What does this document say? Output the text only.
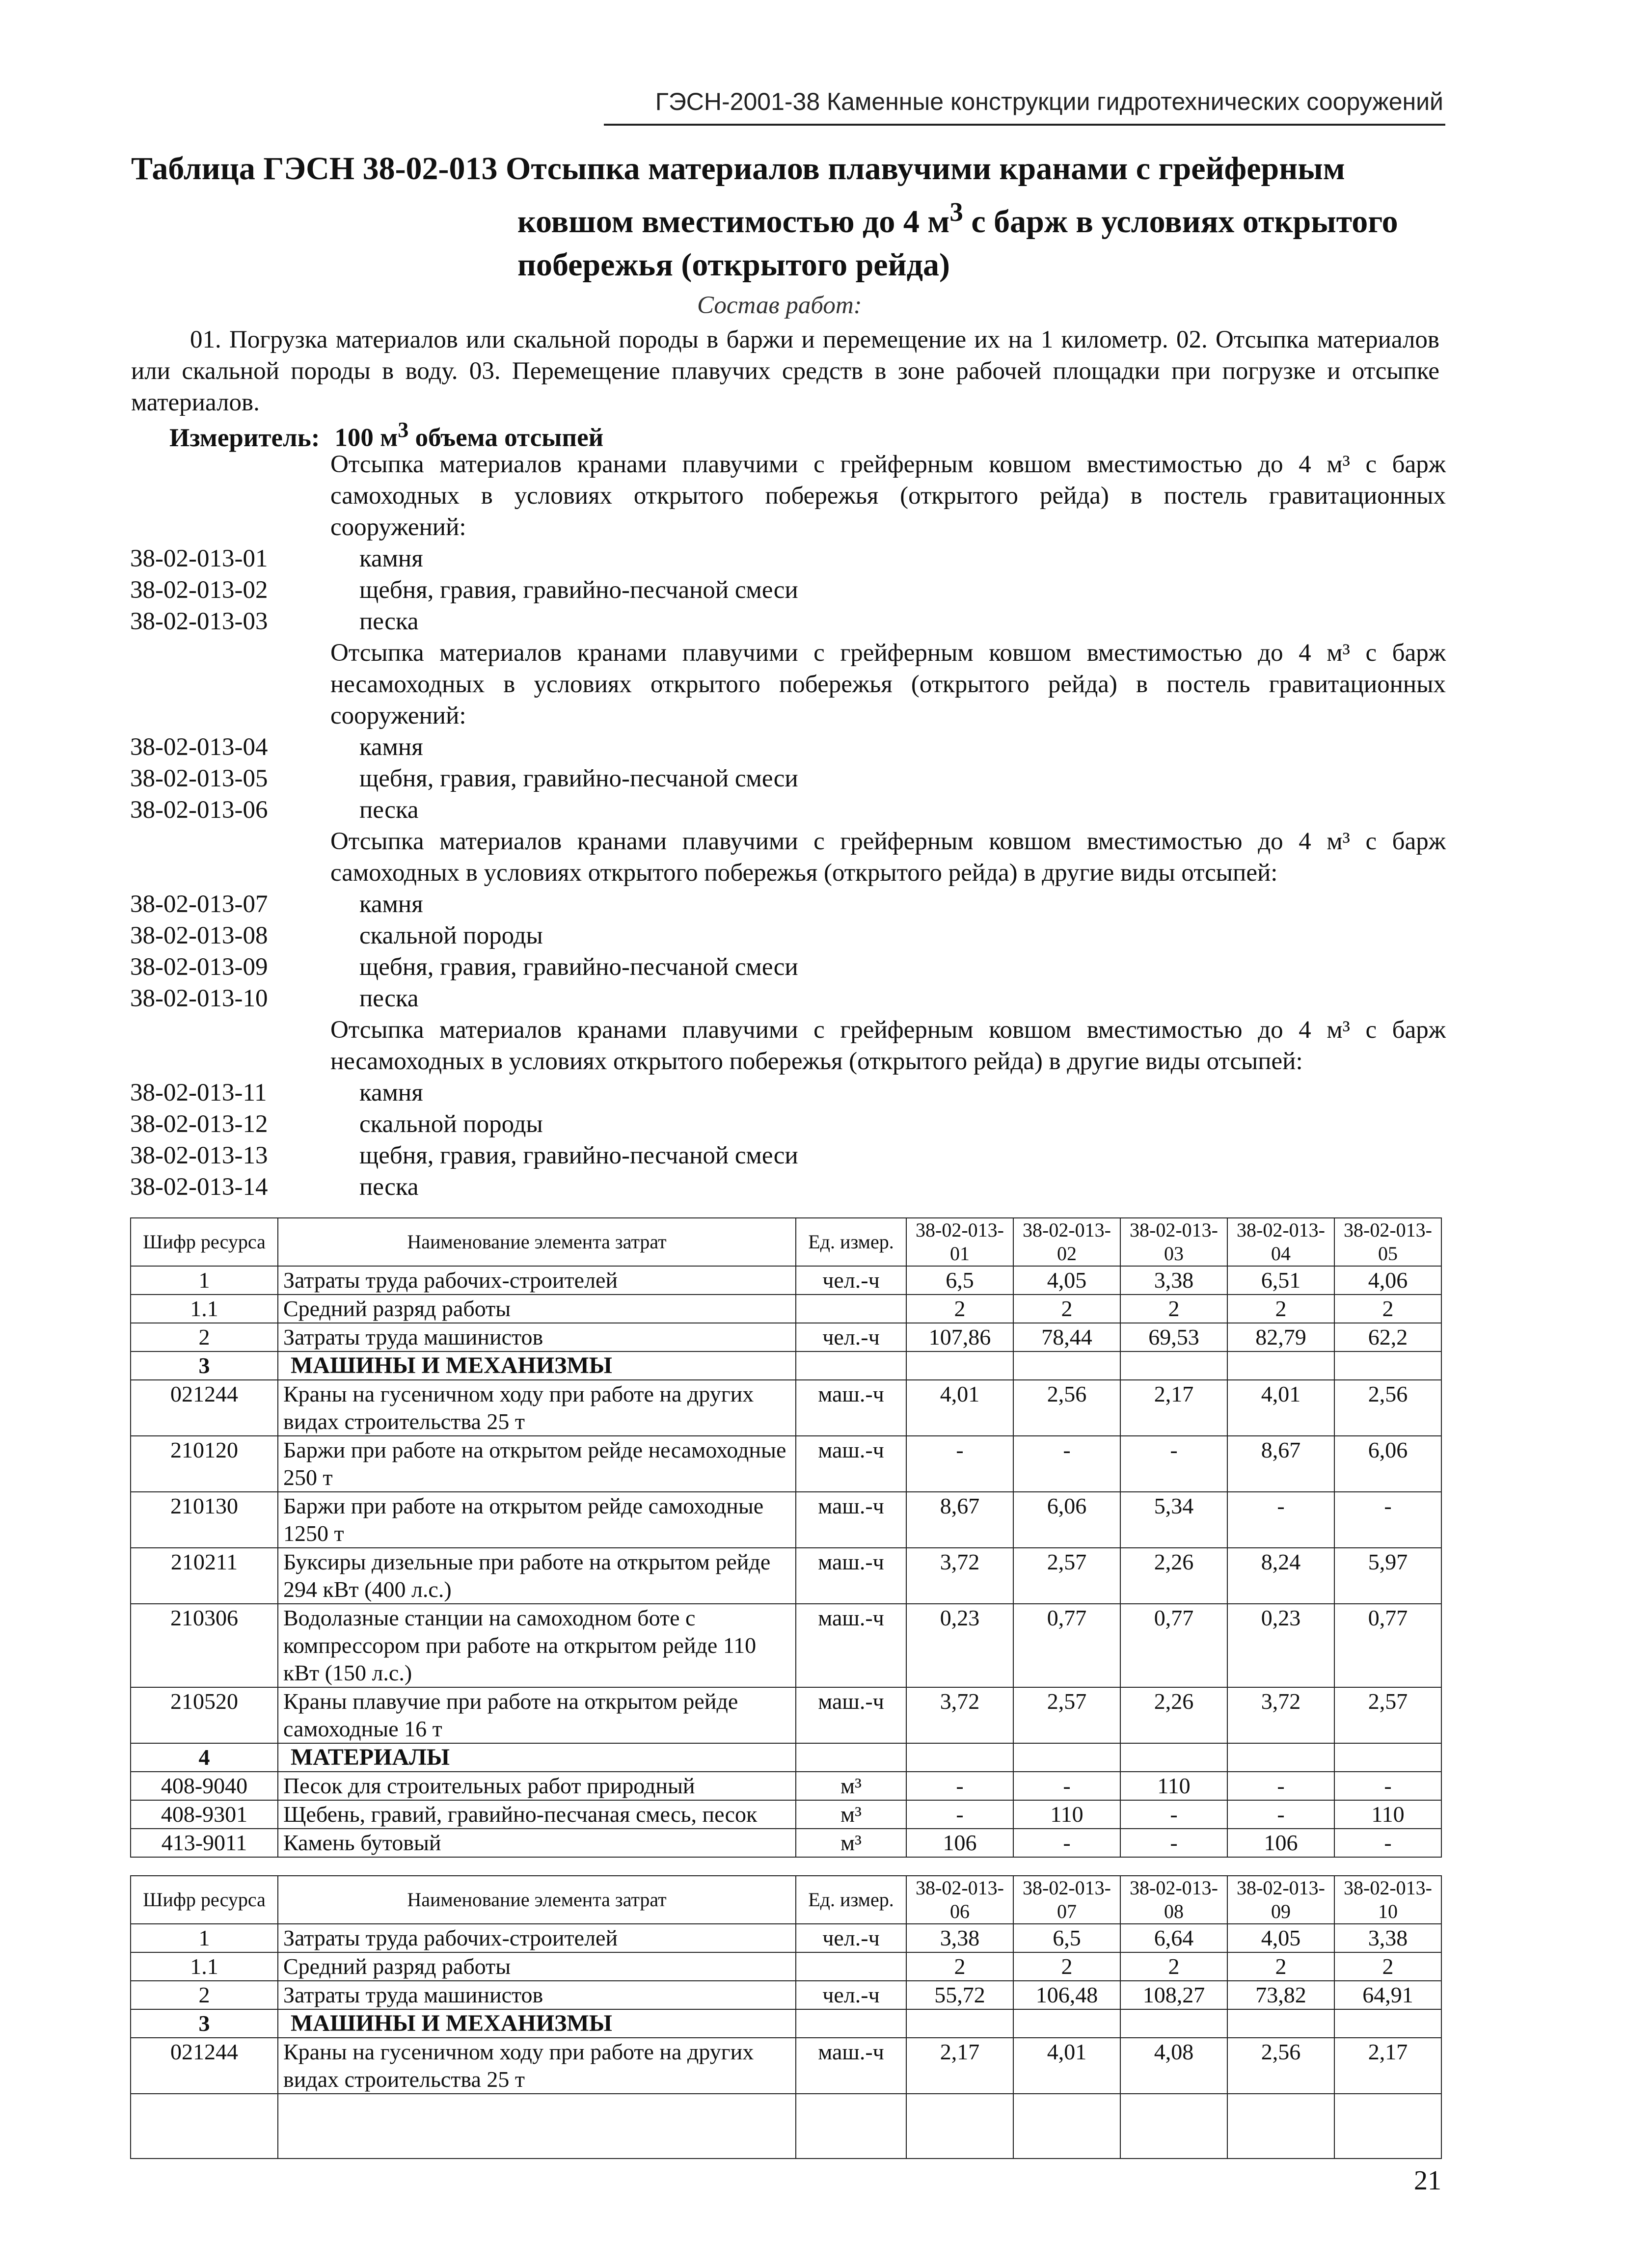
ГЭСН-2001-38 Каменные конструкции гидротехнических сооружений
Таблица ГЭСН 38-02-013 Отсыпка материалов плавучими кранами с грейферным
ковшом вместимостью до 4 $м^3$ с барж в условиях открытого
побережья (открытого рейда)
Состав работ:
01. Погрузка материалов или скальной породы в баржи и перемещение их на 1 километр. 02. Отсыпка материалов или скальной породы в воду. 03. Перемещение плавучих средств в зоне рабочей площадки при погрузке и отсыпке материалов.
Измеритель: 100 $м^3$ объема отсыпей
Отсыпка материалов кранами плавучими с грейферным ковшом вместимостью до 4 м³ с барж самоходных в условиях открытого побережья (открытого рейда) в постель гравитационных сооружений:
38-02-013-01	камня
38-02-013-02	щебня, гравия, гравийно-песчаной смеси
38-02-013-03	песка
Отсыпка материалов кранами плавучими с грейферным ковшом вместимостью до 4 м³ с барж несамоходных в условиях открытого побережья (открытого рейда) в постель гравитационных сооружений:
38-02-013-04	камня
38-02-013-05	щебня, гравия, гравийно-песчаной смеси
38-02-013-06	песка
Отсыпка материалов кранами плавучими с грейферным ковшом вместимостью до 4 м³ с барж самоходных в условиях открытого побережья (открытого рейда) в другие виды отсыпей:
38-02-013-07	камня
38-02-013-08	скальной породы
38-02-013-09	щебня, гравия, гравийно-песчаной смеси
38-02-013-10	песка
Отсыпка материалов кранами плавучими с грейферным ковшом вместимостью до 4 м³ с барж несамоходных в условиях открытого побережья (открытого рейда) в другие виды отсыпей:
38-02-013-11	камня
38-02-013-12	скальной породы
38-02-013-13	щебня, гравия, гравийно-песчаной смеси
38-02-013-14	песка
Шифр ресурса	Наименование элемента затрат	Ед. измер.	38-02-013-01	38-02-013-02	38-02-013-03	38-02-013-04	38-02-013-05
1	Затраты труда рабочих-строителей	чел.-ч	6,5	4,05	3,38	6,51	4,06
1.1	Средний разряд работы		2	2	2	2	2
2	Затраты труда машинистов	чел.-ч	107,86	78,44	69,53	82,79	62,2
3	МАШИНЫ И МЕХАНИЗМЫ						
021244	Краны на гусеничном ходу при работе на других видах строительства 25 т	маш.-ч	4,01	2,56	2,17	4,01	2,56
210120	Баржи при работе на открытом рейде несамоходные 250 т	маш.-ч	-	-	-	8,67	6,06
210130	Баржи при работе на открытом рейде самоходные 1250 т	маш.-ч	8,67	6,06	5,34	-	-
210211	Буксиры дизельные при работе на открытом рейде 294 кВт (400 л.с.)	маш.-ч	3,72	2,57	2,26	8,24	5,97
210306	Водолазные станции на самоходном боте с компрессором при работе на открытом рейде 110 кВт (150 л.с.)	маш.-ч	0,23	0,77	0,77	0,23	0,77
210520	Краны плавучие при работе на открытом рейде самоходные 16 т	маш.-ч	3,72	2,57	2,26	3,72	2,57
4	МАТЕРИАЛЫ						
408-9040	Песок для строительных работ природный	м³	-	-	110	-	-
408-9301	Щебень, гравий, гравийно-песчаная смесь, песок	м³	-	110	-	-	110
413-9011	Камень бутовый	м³	106	-	-	106	-
Шифр ресурса	Наименование элемента затрат	Ед. измер.	38-02-013-06	38-02-013-07	38-02-013-08	38-02-013-09	38-02-013-10
1	Затраты труда рабочих-строителей	чел.-ч	3,38	6,5	6,64	4,05	3,38
1.1	Средний разряд работы		2	2	2	2	2
2	Затраты труда машинистов	чел.-ч	55,72	106,48	108,27	73,82	64,91
3	МАШИНЫ И МЕХАНИЗМЫ						
021244	Краны на гусеничном ходу при работе на других видах строительства 25 т	маш.-ч	2,17	4,01	4,08	2,56	2,17

21
